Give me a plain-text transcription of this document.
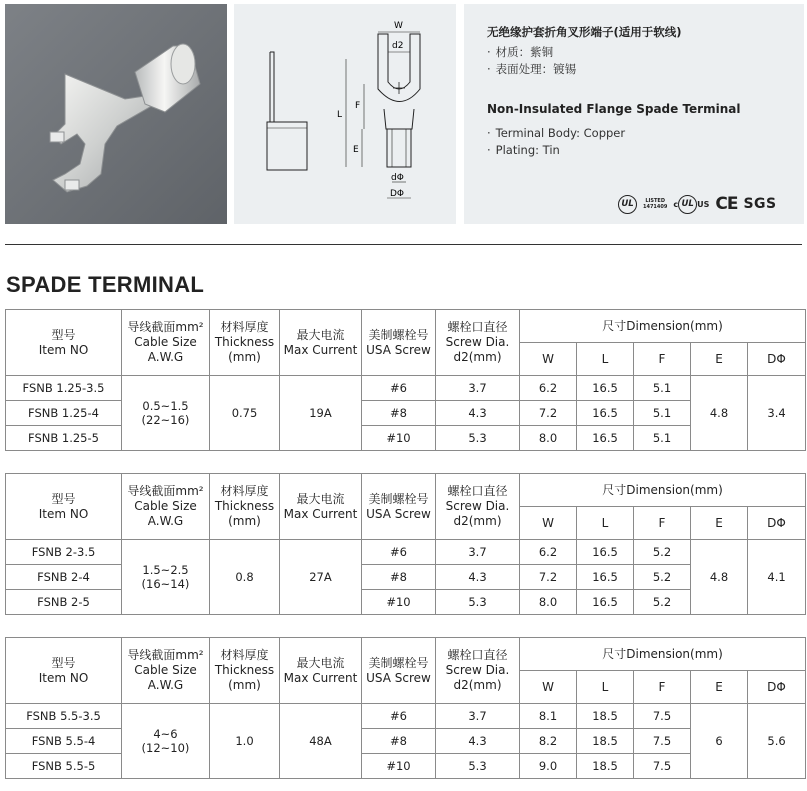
W
d2
L
F
E
dΦ
DΦ
无绝缘护套折角叉形端子(适用于软线)
· 材质：紫铜
· 表面处理：镀锡
Non-Insulated Flange Spade Terminal
· Terminal Body: Copper
· Plating: Tin
UL	LISTED
1471409 c UL US CE SGS
SPADE TERMINAL
型号
Item NO	导线截面mm²
Cable Size
A.W.G	材料厚度
Thickness
(mm)	最大电流
Max Current	美制螺栓号
USA Screw	螺栓口直径
Screw Dia.
d2(mm)	尺寸Dimension(mm)				
						W	L	F	E	DΦ
FSNB 1.25-3.5	0.5~1.5
(22~16)	0.75	19A	#6	3.7	6.2	16.5	5.1	4.8	3.4
FSNB 1.25-4				#8	4.3	7.2	16.5	5.1		
FSNB 1.25-5				#10	5.3	8.0	16.5	5.1		
型号
Item NO	导线截面mm²
Cable Size
A.W.G	材料厚度
Thickness
(mm)	最大电流
Max Current	美制螺栓号
USA Screw	螺栓口直径
Screw Dia.
d2(mm)	尺寸Dimension(mm)				
						W	L	F	E	DΦ
FSNB 2-3.5	1.5~2.5
(16~14)	0.8	27A	#6	3.7	6.2	16.5	5.2	4.8	4.1
FSNB 2-4				#8	4.3	7.2	16.5	5.2		
FSNB 2-5				#10	5.3	8.0	16.5	5.2		
型号
Item NO	导线截面mm²
Cable Size
A.W.G	材料厚度
Thickness
(mm)	最大电流
Max Current	美制螺栓号
USA Screw	螺栓口直径
Screw Dia.
d2(mm)	尺寸Dimension(mm)				
						W	L	F	E	DΦ
FSNB 5.5-3.5	4~6
(12~10)	1.0	48A	#6	3.7	8.1	18.5	7.5	6	5.6
FSNB 5.5-4				#8	4.3	8.2	18.5	7.5		
FSNB 5.5-5				#10	5.3	9.0	18.5	7.5		
